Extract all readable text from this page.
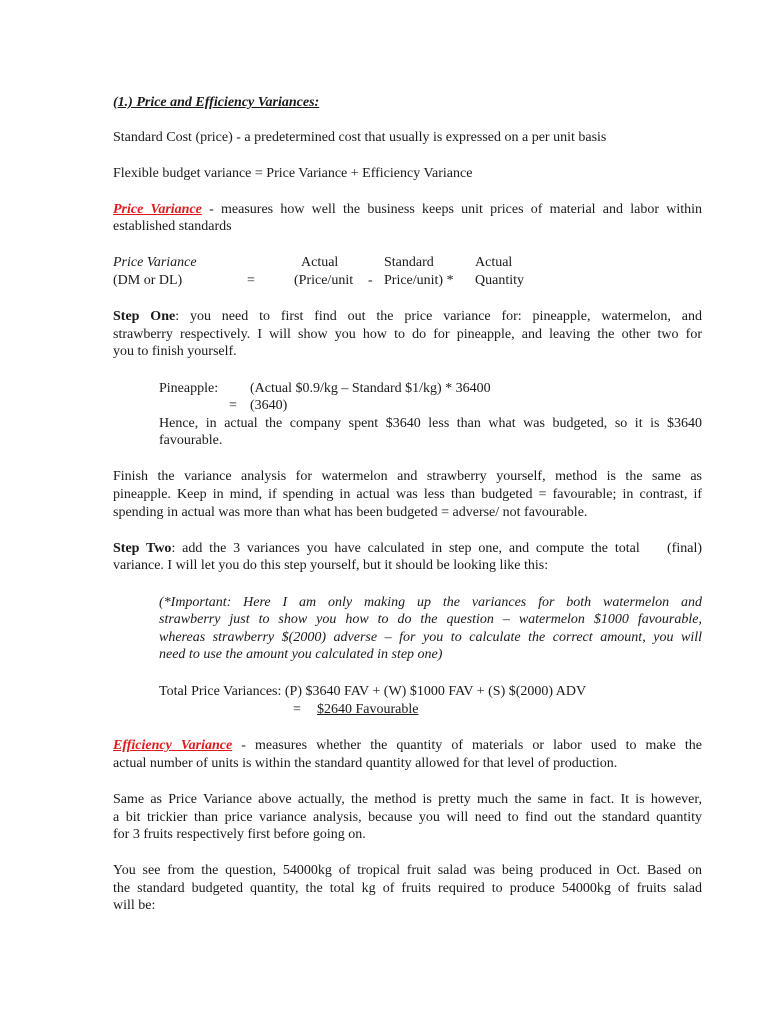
(1.) Price and Efficiency Variances:
Standard Cost (price) - a predetermined cost that usually is expressed on a per unit basis
Flexible budget variance = Price Variance + Efficiency Variance
Price Variance - measures how well the business keeps unit prices of material and labor within
established standards
Price Variance
(DM or DL)	=
Actual
(Price/unit -
Standard
Price/unit) *
Actual
Quantity
Step One: you need to first find out the price variance for: pineapple, watermelon, and
strawberry respectively. I will show you how to do for pineapple, and leaving the other two for
you to finish yourself.
Pineapple: (Actual $0.9/kg – Standard $1/kg) * 36400
= (3640)
Hence, in actual the company spent $3640 less than what was budgeted, so it is $3640
favourable.
Finish the variance analysis for watermelon and strawberry yourself, method is the same as
pineapple. Keep in mind, if spending in actual was less than budgeted = favourable; in contrast, if
spending in actual was more than what has been budgeted = adverse/ not favourable.
Step Two: add the 3 variances you have calculated in step one, and compute the total    (final)
variance. I will let you do this step yourself, but it should be looking like this:
(*Important: Here I am only making up the variances for both watermelon and
strawberry just to show you how to do the question – watermelon $1000 favourable,
whereas strawberry $(2000) adverse – for you to calculate the correct amount, you will
need to use the amount you calculated in step one)
Total Price Variances: (P) $3640 FAV + (W) $1000 FAV + (S) $(2000) ADV
= $2640 Favourable
Efficiency Variance - measures whether the quantity of materials or labor used to make the
actual number of units is within the standard quantity allowed for that level of production.
Same as Price Variance above actually, the method is pretty much the same in fact. It is however,
a bit trickier than price variance analysis, because you will need to find out the standard quantity
for 3 fruits respectively first before going on.
You see from the question, 54000kg of tropical fruit salad was being produced in Oct. Based on
the standard budgeted quantity, the total kg of fruits required to produce 54000kg of fruits salad
will be:
